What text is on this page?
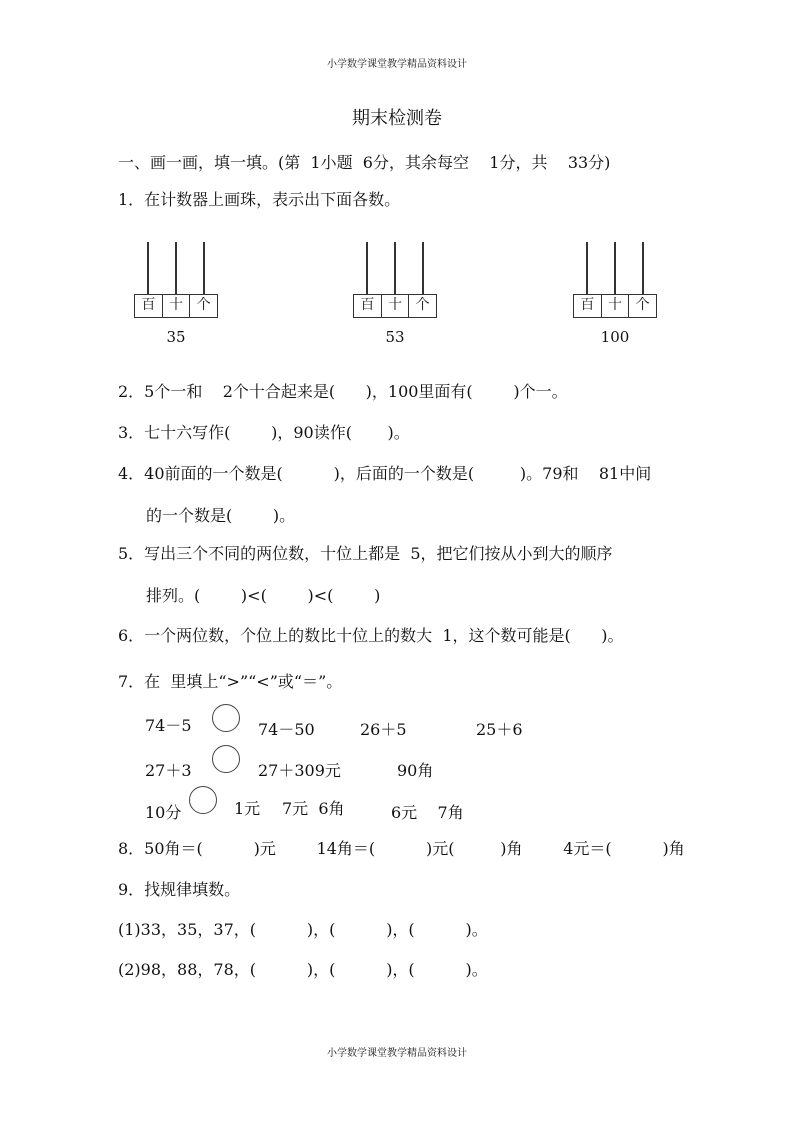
小学数学课堂教学精品资料设计
期末检测卷
一、画一画，填一填。(第  1小题  6分，其余每空    1分，共    33分)
1．在计数器上画珠，表示出下面各数。
百 十 个
35
百 十 个
53
百 十 个
100
2．5个一和    2个十合起来是(      )，100里面有(        )个一。
3．七十六写作(        )，90读作(       )。
4．40前面的一个数是(          )，后面的一个数是(         )。79和    81中间
的一个数是(        )。
5．写出三个不同的两位数，十位上都是  5，把它们按从小到大的顺序
排列。(        )<(        )<(        )
6．一个两位数，个位上的数比十位上的数大  1，这个数可能是(      )。
7．在  里填上“>”“<”或“＝”。
74－5	74－50	26＋5	25＋6
27＋3	27＋309元	90角
10分	1元 7元  6角	6元    7角
8．50角＝(          )元        14角＝(          )元(         )角        4元＝(          )角
9．找规律填数。
(1)33，35，37，(          )，(          )，(          )。
(2)98，88，78，(          )，(          )，(          )。
小学数学课堂教学精品资料设计
